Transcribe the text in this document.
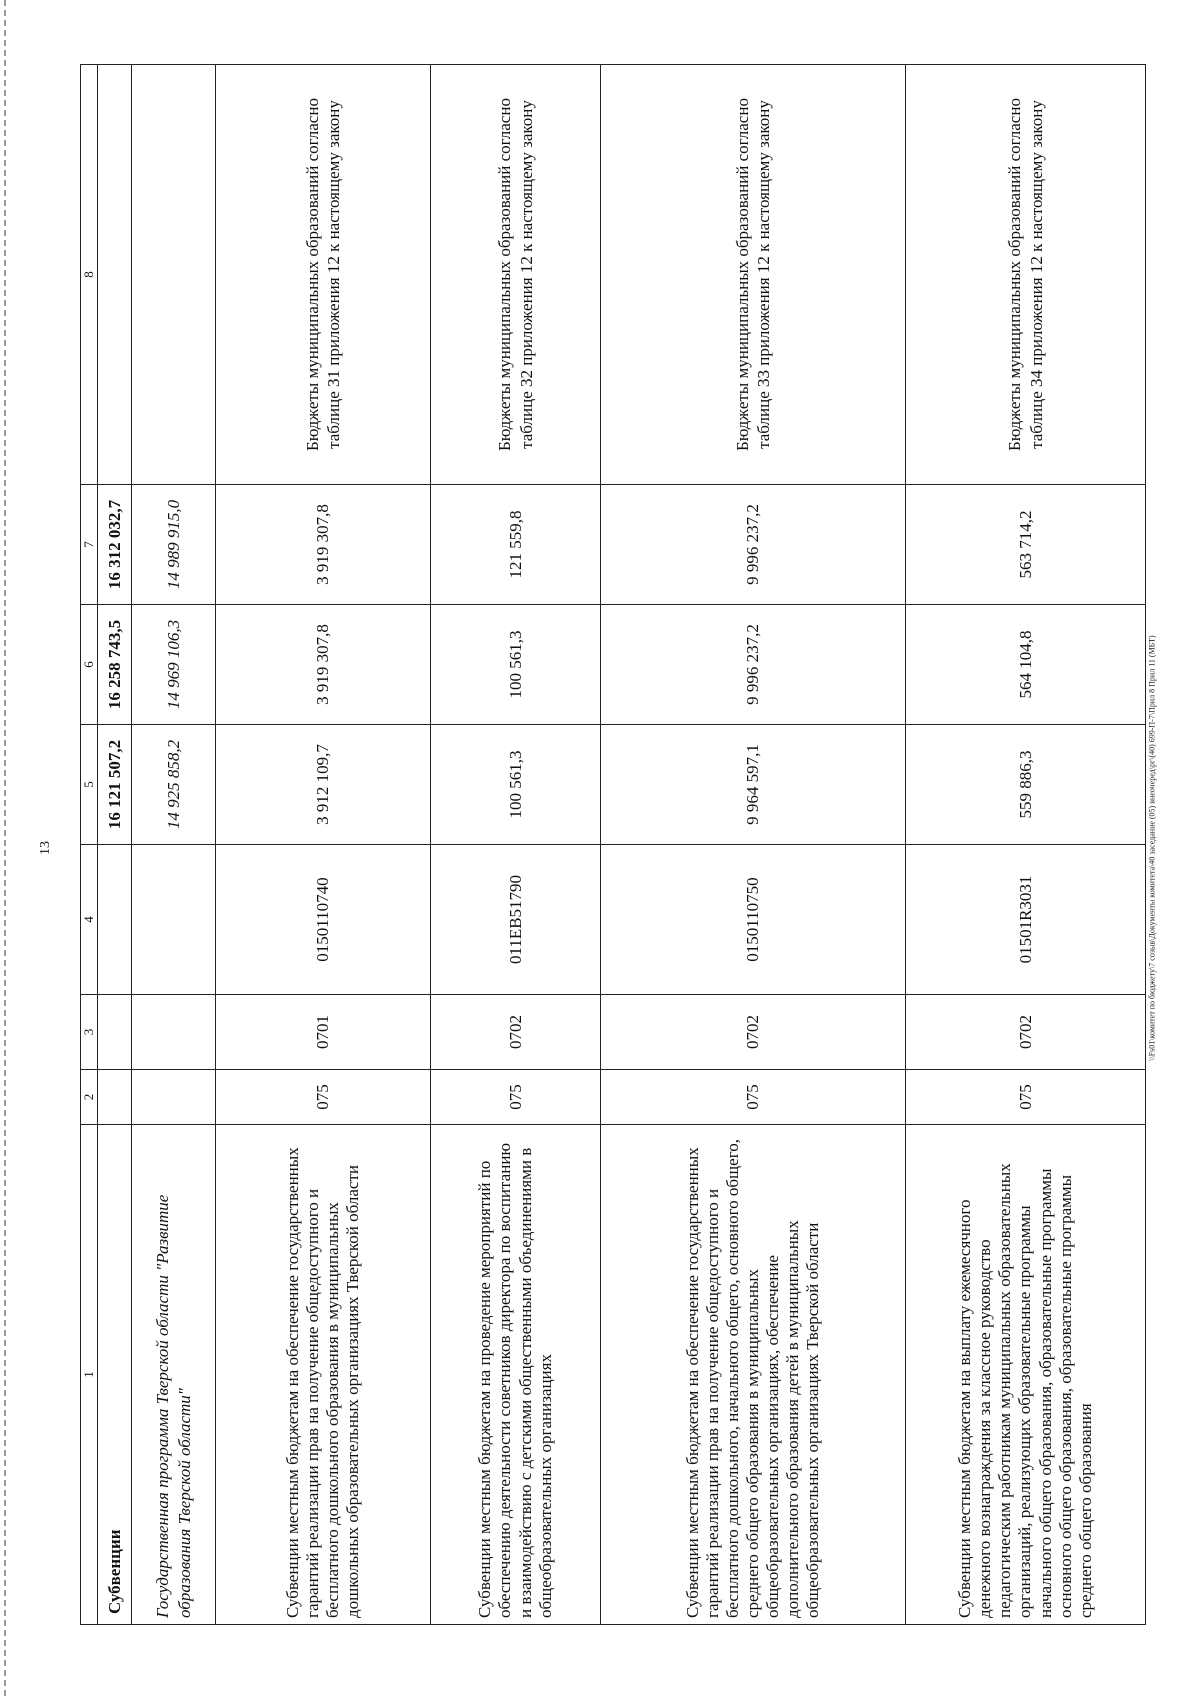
13	\\Fs01\комитет по бюджету\7 созыв\Документы комитета\40 заседание (05) внеочеред\рг\(40) 699-П-7\Прил 8 Прил 11 (МБТ)
1	2	3	4	5	6	7	8
Субвенции				16 121 507,2	16 258 743,5	16 312 032,7	
Государственная программа Тверской области "Развитие образования Тверской области"				14 925 858,2	14 969 106,3	14 989 915,0	
Субвенции местным бюджетам на обеспечение государственных гарантий реализации прав на получение общедоступного и бесплатного дошкольного образования в муниципальных дошкольных образовательных организациях Тверской области	075	0701	0150110740	3 912 109,7	3 919 307,8	3 919 307,8	Бюджеты муниципальных образований согласно таблице 31 приложения 12 к настоящему закону
Субвенции местным бюджетам на проведение мероприятий по обеспечению деятельности советников директора по воспитанию и взаимодействию с детскими общественными объединениями в общеобразовательных организациях	075	0702	011EB51790	100 561,3	100 561,3	121 559,8	Бюджеты муниципальных образований согласно таблице 32 приложения 12 к настоящему закону
Субвенции местным бюджетам на обеспечение государственных гарантий реализации прав на получение общедоступного и бесплатного дошкольного, начального общего, основного общего, среднего общего образования в муниципальных общеобразовательных организациях, обеспечение дополнительного образования детей в муниципальных общеобразовательных организациях Тверской области	075	0702	0150110750	9 964 597,1	9 996 237,2	9 996 237,2	Бюджеты муниципальных образований согласно таблице 33 приложения 12 к настоящему закону
Субвенции местным бюджетам на выплату ежемесячного денежного вознаграждения за классное руководство педагогическим работникам муниципальных образовательных организаций, реализующих образовательные программы начального общего образования, образовательные программы основного общего образования, образовательные программы среднего общего образования	075	0702	01501R3031	559 886,3	564 104,8	563 714,2	Бюджеты муниципальных образований согласно таблице 34 приложения 12 к настоящему закону
